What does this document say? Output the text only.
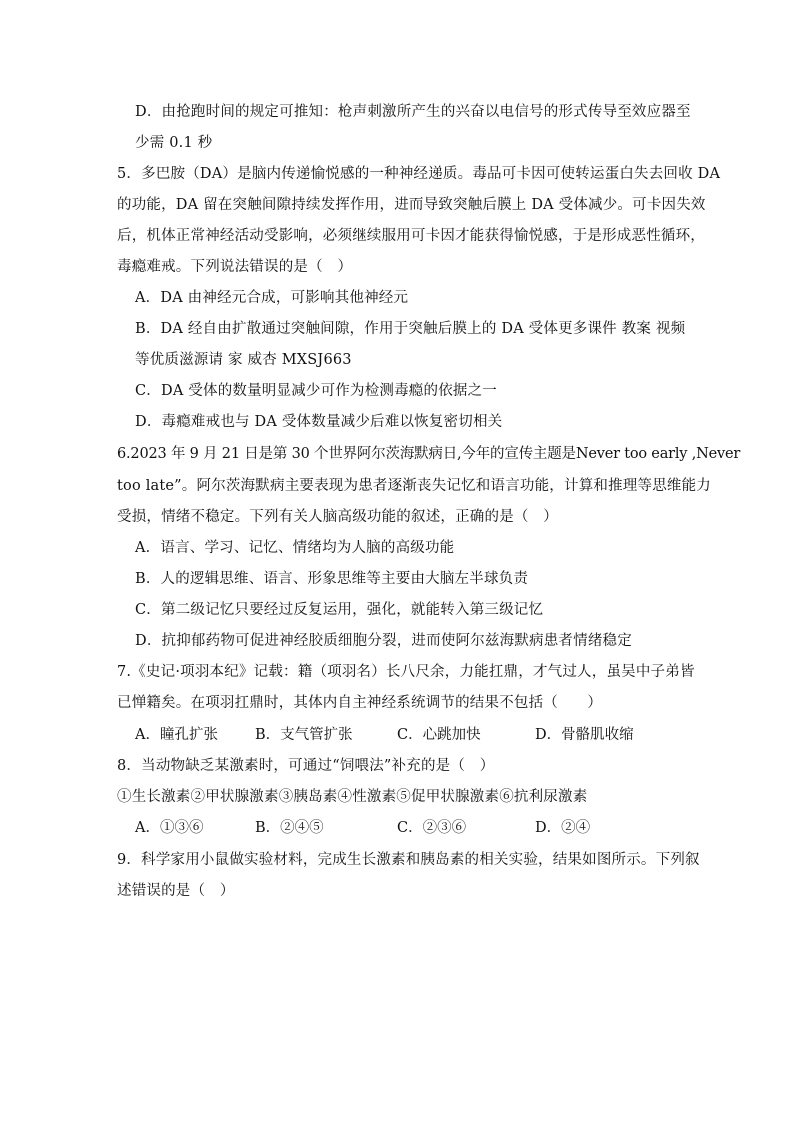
D．由抢跑时间的规定可推知：枪声刺激所产生的兴奋以电信号的形式传导至效应器至
少需 0.1 秒
5．多巴胺（DA）是脑内传递愉悦感的一种神经递质。毒品可卡因可使转运蛋白失去回收 DA
的功能，DA 留在突触间隙持续发挥作用，进而导致突触后膜上 DA 受体减少。可卡因失效
后，机体正常神经活动受影响，必须继续服用可卡因才能获得愉悦感，于是形成恶性循环，
毒瘾难戒。下列说法错误的是（　）
A．DA 由神经元合成，可影响其他神经元
B．DA 经自由扩散通过突触间隙，作用于突触后膜上的 DA 受体更多课件 教案 视频
等优质滋源请 家 威杏 MXSJ663
C．DA 受体的数量明显减少可作为检测毒瘾的依据之一
D．毒瘾难戒也与 DA 受体数量减少后难以恢复密切相关
6.2023 年 9 月 21 日是第 30 个世界阿尔茨海默病日,今年的宣传主题是Never too early ,Never
too late”。阿尔茨海默病主要表现为患者逐渐丧失记忆和语言功能，计算和推理等思维能力
受损，情绪不稳定。下列有关人脑高级功能的叙述，正确的是（　）
A．语言、学习、记忆、情绪均为人脑的高级功能
B．人的逻辑思维、语言、形象思维等主要由大脑左半球负责
C．第二级记忆只要经过反复运用，强化，就能转入第三级记忆
D．抗抑郁药物可促进神经胶质细胞分裂，进而使阿尔兹海默病患者情绪稳定
7.《史记·项羽本纪》记载：籍（项羽名）长八尺余，力能扛鼎，才气过人，虽吴中子弟皆
已惮籍矣。在项羽扛鼎时，其体内自主神经系统调节的结果不包括（　　）
A．瞳孔扩张	B．支气管扩张	C．心跳加快	D．骨骼肌收缩
8．当动物缺乏某激素时，可通过“饲喂法”补充的是（　）
①生长激素②甲状腺激素③胰岛素④性激素⑤促甲状腺激素⑥抗利尿激素
A．①③⑥	B．②④⑤	C．②③⑥	D．②④
9．科学家用小鼠做实验材料，完成生长激素和胰岛素的相关实验，结果如图所示。下列叙
述错误的是（　）
